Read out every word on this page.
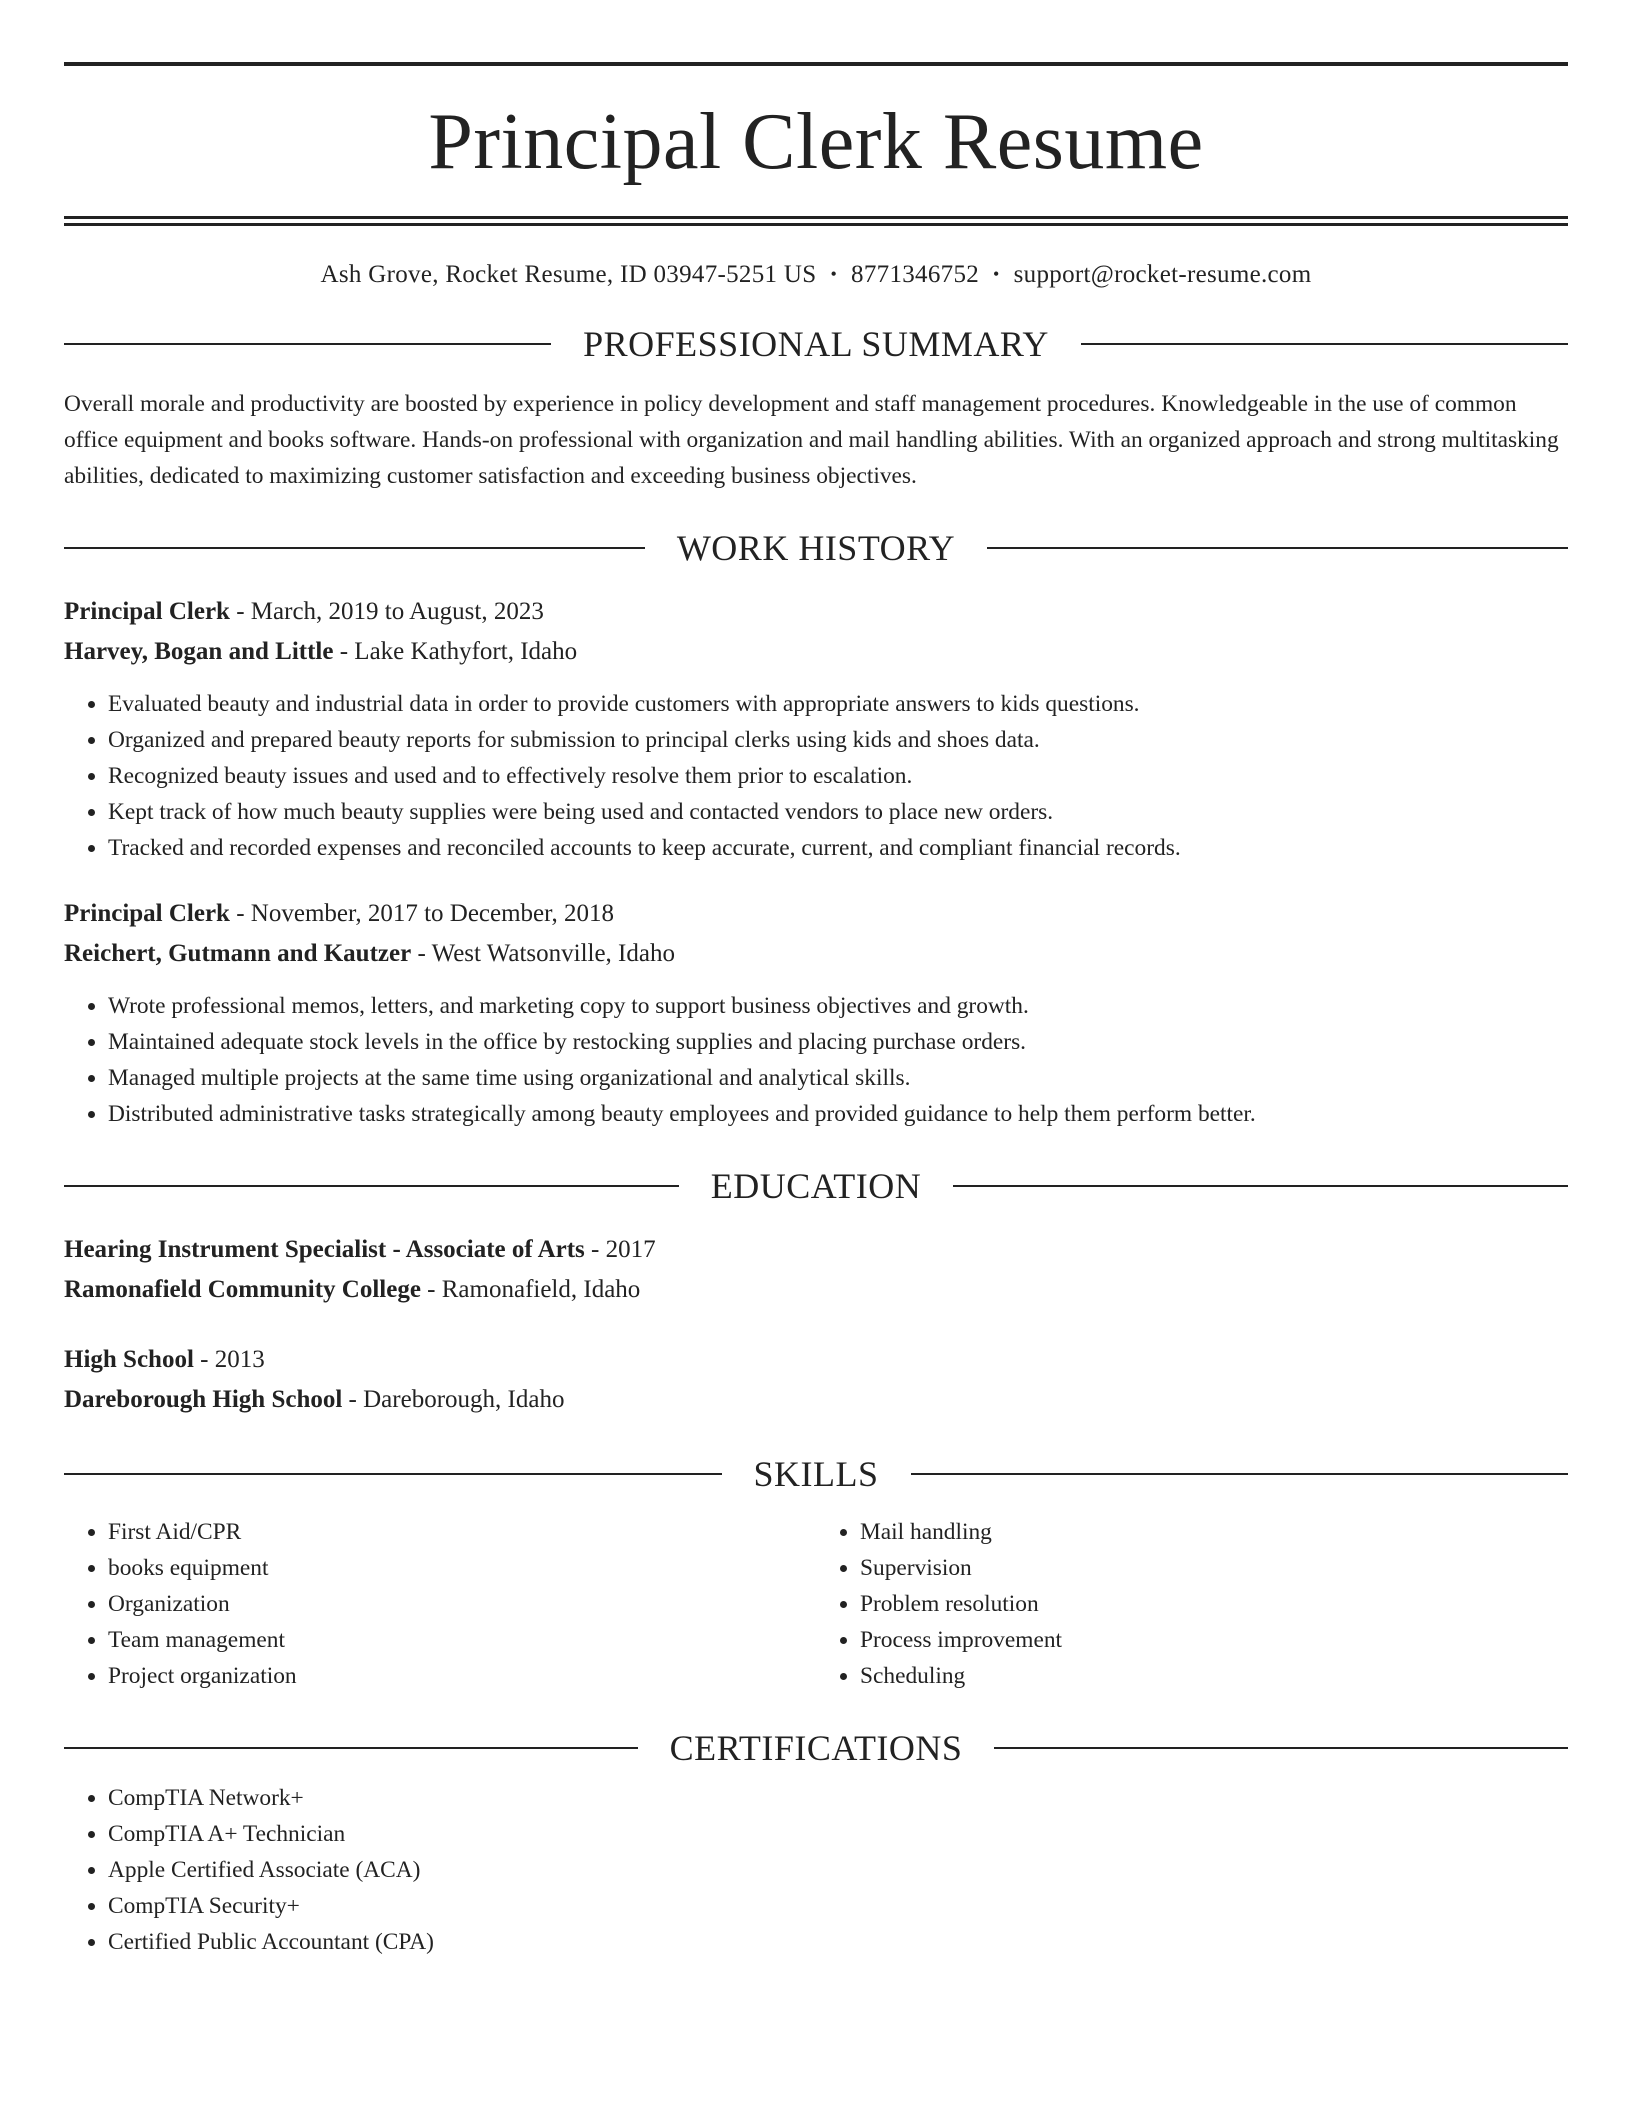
Principal Clerk Resume
Ash Grove, Rocket Resume, ID 03947-5251 US • 8771346752 • support@rocket-resume.com
PROFESSIONAL SUMMARY
Overall morale and productivity are boosted by experience in policy development and staff management procedures. Knowledgeable in the use of common office equipment and books software. Hands-on professional with organization and mail handling abilities. With an organized approach and strong multitasking abilities, dedicated to maximizing customer satisfaction and exceeding business objectives.
WORK HISTORY
Principal Clerk - March, 2019 to August, 2023
Harvey, Bogan and Little - Lake Kathyfort, Idaho
• Evaluated beauty and industrial data in order to provide customers with appropriate answers to kids questions.
• Organized and prepared beauty reports for submission to principal clerks using kids and shoes data.
• Recognized beauty issues and used and to effectively resolve them prior to escalation.
• Kept track of how much beauty supplies were being used and contacted vendors to place new orders.
• Tracked and recorded expenses and reconciled accounts to keep accurate, current, and compliant financial records.
Principal Clerk - November, 2017 to December, 2018
Reichert, Gutmann and Kautzer - West Watsonville, Idaho
• Wrote professional memos, letters, and marketing copy to support business objectives and growth.
• Maintained adequate stock levels in the office by restocking supplies and placing purchase orders.
• Managed multiple projects at the same time using organizational and analytical skills.
• Distributed administrative tasks strategically among beauty employees and provided guidance to help them perform better.
EDUCATION
Hearing Instrument Specialist - Associate of Arts - 2017
Ramonafield Community College - Ramonafield, Idaho
High School - 2013
Dareborough High School - Dareborough, Idaho
SKILLS
• First Aid/CPR
• books equipment
• Organization
• Team management
• Project organization
• Mail handling
• Supervision
• Problem resolution
• Process improvement
• Scheduling
CERTIFICATIONS
• CompTIA Network+
• CompTIA A+ Technician
• Apple Certified Associate (ACA)
• CompTIA Security+
• Certified Public Accountant (CPA)
